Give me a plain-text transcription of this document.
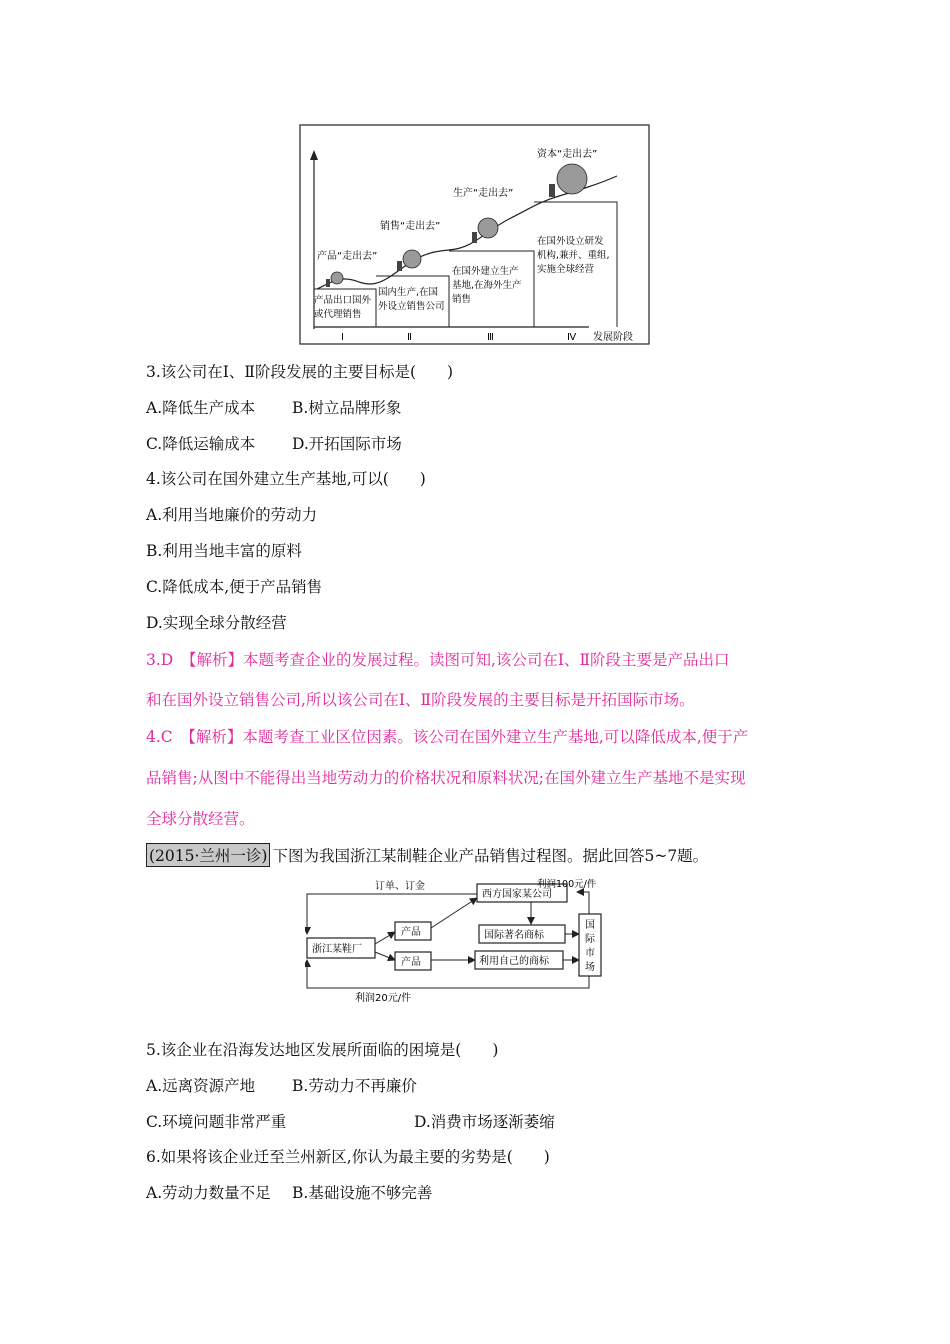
产品“走出去”
销售“走出去”
生产“走出去”
资本“走出去”
产品出口国外
或代理销售
国内生产,在国
外设立销售公司
在国外建立生产
基地,在海外生产
销售
在国外设立研发
机构,兼并、重组,
实施全球经营
Ⅰ	Ⅱ	Ⅲ	Ⅳ 发展阶段
3.该公司在Ⅰ、Ⅱ阶段发展的主要目标是(　　)
A.降低生产成本 B.树立品牌形象
C.降低运输成本 D.开拓国际市场
4.该公司在国外建立生产基地,可以(　　)
A.利用当地廉价的劳动力
B.利用当地丰富的原料
C.降低成本,便于产品销售
D.实现全球分散经营
3.D　【解析】本题考查企业的发展过程。读图可知,该公司在Ⅰ、Ⅱ阶段主要是产品出口
和在国外设立销售公司,所以该公司在Ⅰ、Ⅱ阶段发展的主要目标是开拓国际市场。
4.C　【解析】本题考查工业区位因素。该公司在国外建立生产基地,可以降低成本,便于产
品销售;从图中不能得出当地劳动力的价格状况和原料状况;在国外建立生产基地不是实现
全球分散经营。
(2015·兰州一诊) 下图为我国浙江某制鞋企业产品销售过程图。据此回答5~7题。
订单、订金	利润100元/件
利润20元/件
西方国家某公司
产品
产品
浙江某鞋厂
国际著名商标
利用自己的商标
国
际
市
场
5.该企业在沿海发达地区发展所面临的困境是(　　)
A.远离资源产地 B.劳动力不再廉价
C.环境问题非常严重	D.消费市场逐渐萎缩
6.如果将该企业迁至兰州新区,你认为最主要的劣势是(　　)
A.劳动力数量不足 B.基础设施不够完善
